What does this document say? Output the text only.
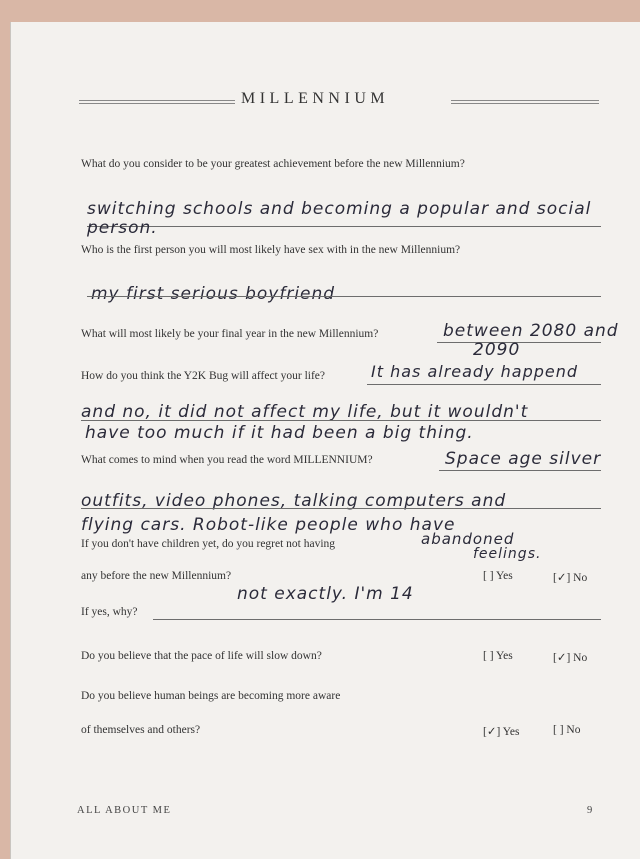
MILLENNIUM
What do you consider to be your greatest achievement before the new Millennium?
switching schools and becoming a popular and social
person.
Who is the first person you will most likely have sex with in the new Millennium?
my first serious boyfriend
What will most likely be your final year in the new Millennium?	between 2080 and
2090
How do you think the Y2K Bug will affect your life?	It has already happend
and no, it did not affect my life, but it wouldn't
have too much if it had been a big thing.
What comes to mind when you read the word MILLENNIUM?	Space age silver
outfits, video phones, talking computers and
flying cars. Robot-like people who have
abandoned
feelings.
If you don't have children yet, do you regret not having
any before the new Millennium?	[ ] Yes	[✓] No
If yes, why?
not exactly. I'm 14
Do you believe that the pace of life will slow down?	[ ] Yes	[✓] No
Do you believe human beings are becoming more aware
of themselves and others?	[✓] Yes	[ ] No
ALL ABOUT ME	9
